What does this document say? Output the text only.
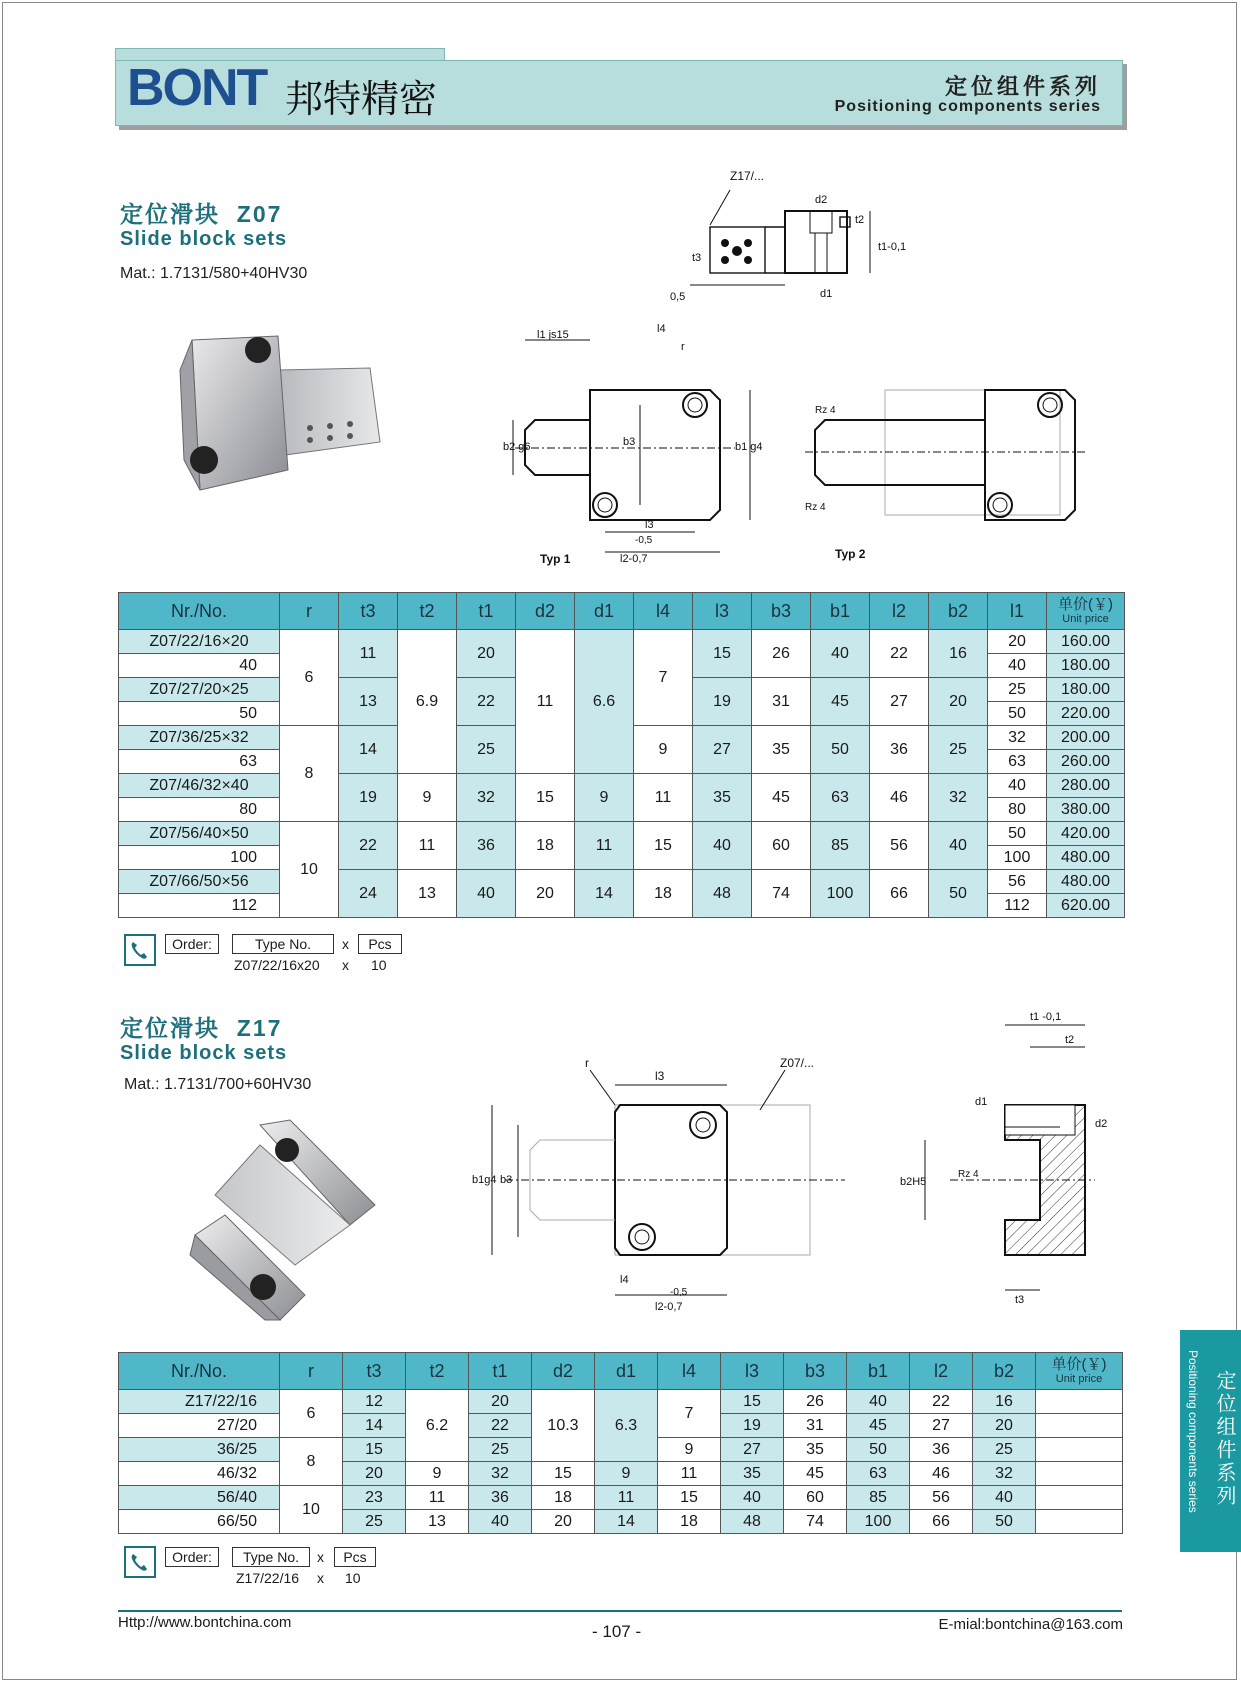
BONT 邦特精密	定位组件系列
Positioning components series
定位滑块 Z07
Slide block sets
Mat.: 1.7131/580+40HV30
Z17/...
d2
t2
t1-0,1
t3
d1
0,5
l1 js15	l4
r
b2 g6	b3	b1 g4
l3
-0,5
l2-0,7
Typ 1
Rz 4
Rz 4
Typ 2
Nr./No.	r	t3	t2	t1	d2	d1	l4	l3	b3	b1	l2	b2	l1	单价(￥)
Unit price

Z07/22/16×20	6	11	6.9	20	11	6.6	7	15	26	40	22	16	20	160.00
40													40	180.00
Z07/27/20×25		13		22				19	31	45	27	20	25	180.00
50													50	220.00
Z07/36/25×32	8	14		25			9	27	35	50	36	25	32	200.00
63													63	260.00
Z07/46/32×40		19	9	32	15	9	11	35	45	63	46	32	40	280.00
80													80	380.00
Z07/56/40×50	10	22	11	36	18	11	15	40	60	85	56	40	50	420.00
100													100	480.00
Z07/66/50×56		24	13	40	20	14	18	48	74	100	66	50	56	480.00
112													112	620.00
Order:	Type No.	x	Pcs
Z07/22/16x20 x 10
定位滑块 Z17
Slide block sets
Mat.: 1.7131/700+60HV30	l3
r	Z07/...
b1g4 b3
l4
-0,5
l2-0,7
t1 -0,1
t2
d1
d2
b2H5
Rz 4
t3
Nr./No.	r	t3	t2	t1	d2	d1	l4	l3	b3	b1	l2	b2	单价(￥)
Unit price

Z17/22/16	6	12	6.2	20	10.3	6.3	7	15	26	40	22	16	
27/20		14		22				19	31	45	27	20	
36/25	8	15		25			9	27	35	50	36	25	
46/32		20	9	32	15	9	11	35	45	63	46	32	
56/40	10	23	11	36	18	11	15	40	60	85	56	40	
66/50		25	13	40	20	14	18	48	74	100	66	50	
Order:	Type No.	x	Pcs
Z17/22/16 x 10
Positioning components series 定位组件系列
Http://www.bontchina.com	- 107 -	E-mial:bontchina@163.com
